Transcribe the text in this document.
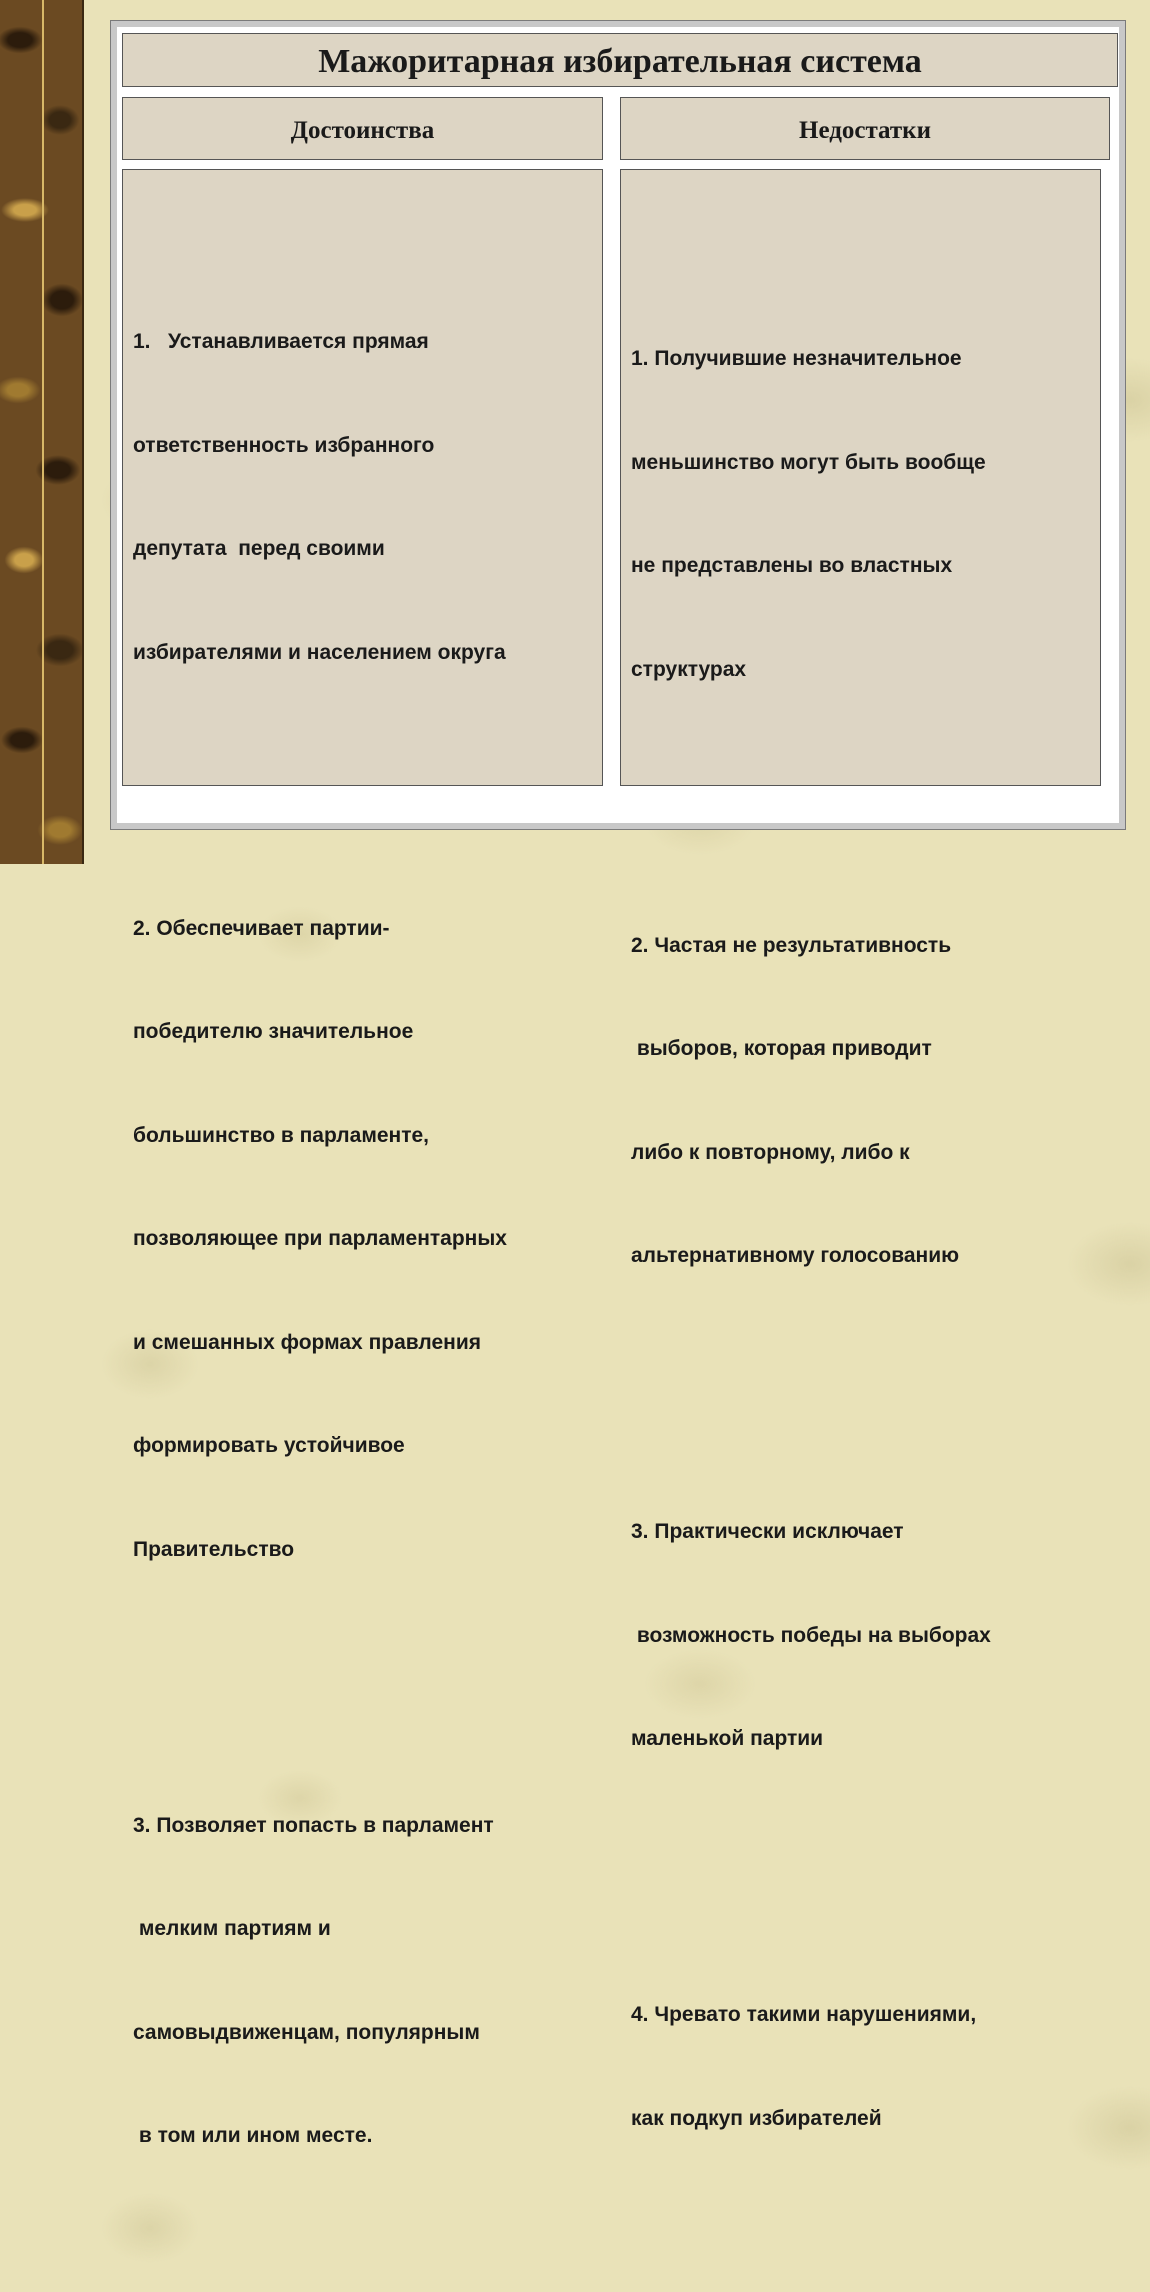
Мажоритарная избирательная система
Достоинства	Недостатки

1.   Устанавливается прямая

ответственность избранного

депутата  перед своими

избирателями и населением округа

2. Обеспечивает партии-

победителю значительное

большинство в парламенте,

позволяющее при парламентарных

и смешанных формах правления

формировать устойчивое

Правительство

3. Позволяет попасть в парламент

мелким партиям и

самовыдвиженцам, популярным

в том или ином месте.

1. Получившие незначительное

меньшинство могут быть вообще

не представлены во властных

структурах

2. Частая не результативность

выборов, которая приводит

либо к повторному, либо к

альтернативному голосованию

3. Практически исключает

возможность победы на выборах

маленькой партии

4. Чревато такими нарушениями,

как подкуп избирателей
